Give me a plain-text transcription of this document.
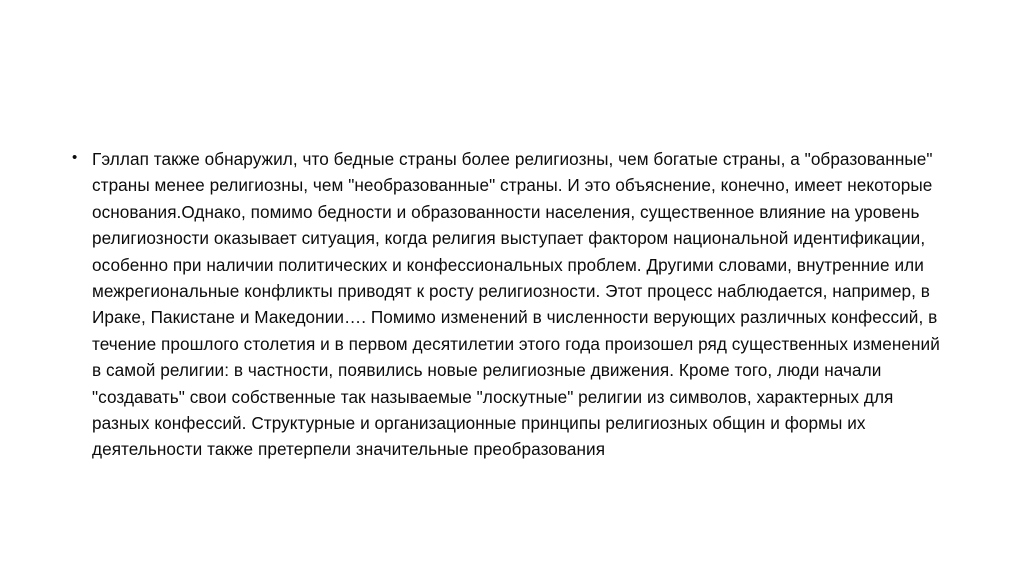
• Гэллап также обнаружил, что бедные страны более религиозны, чем богатые страны, а "образованные" страны менее религиозны, чем "необразованные" страны. И это объяснение, конечно, имеет некоторые основания.Однако, помимо бедности и образованности населения, существенное влияние на уровень религиозности оказывает ситуация, когда религия выступает фактором национальной идентификации, особенно при наличии политических и конфессиональных проблем. Другими словами, внутренние или межрегиональные конфликты приводят к росту религиозности. Этот процесс наблюдается, например, в Ираке, Пакистане и Македонии…. Помимо изменений в численности верующих различных конфессий, в течение прошлого столетия и в первом десятилетии этого года произошел ряд существенных изменений в самой религии: в частности, появились новые религиозные движения. Кроме того, люди начали "создавать" свои собственные так называемые "лоскутные" религии из символов, характерных для разных конфессий. Структурные и организационные принципы религиозных общин и формы их деятельности также претерпели значительные преобразования
